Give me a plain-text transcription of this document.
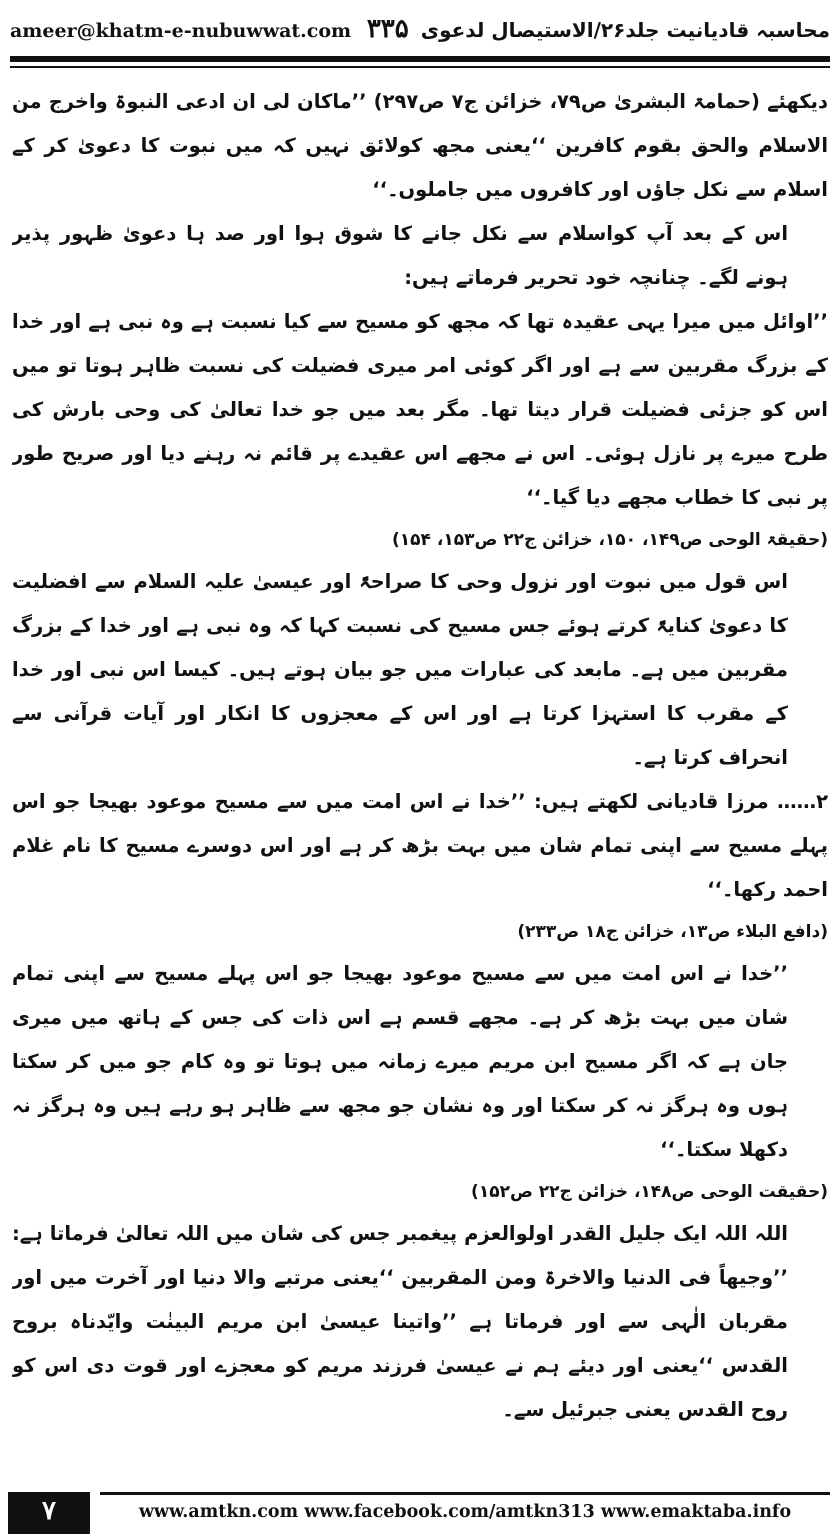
ameer@khatm-e-nubuwwat.com	محاسبہ قادیانیت جلد۲۶/الاستیصال لدعوی۳۳۵

دیکھئے (حمامۃ البشریٰ ص۷۹، خزائن ج۷ ص۲۹۷) ’’ماکان لی ان ادعی النبوۃ واخرج من الاسلام والحق بقوم کافرین ‘‘یعنی مجھ کولائق نہیں کہ میں نبوت کا دعویٰ کر کے اسلام سے نکل جاؤں اور کافروں میں جاملوں۔‘‘

اس کے بعد آپ کواسلام سے نکل جانے کا شوق ہوا اور صد ہا دعویٰ ظہور پذیر ہونے لگے۔ چنانچہ خود تحریر فرماتے ہیں:

’’اوائل میں میرا یہی عقیدہ تھا کہ مجھ کو مسیح سے کیا نسبت ہے وہ نبی ہے اور خدا کے بزرگ مقربین سے ہے اور اگر کوئی امر میری فضیلت کی نسبت ظاہر ہوتا تو میں اس کو جزئی فضیلت قرار دیتا تھا۔ مگر بعد میں جو خدا تعالیٰ کی وحی بارش کی طرح میرے پر نازل ہوئی۔ اس نے مجھے اس عقیدے پر قائم نہ رہنے دیا اور صریح طور پر نبی کا خطاب مجھے دیا گیا۔‘‘

(حقیقۃ الوحی ص۱۴۹، ۱۵۰، خزائن ج۲۲ ص۱۵۳، ۱۵۴)

اس قول میں نبوت اور نزول وحی کا صراحۃً اور عیسیٰ علیہ السلام سے افضلیت کا دعویٰ کنایۃً کرتے ہوئے جس مسیح کی نسبت کہا کہ وہ نبی ہے اور خدا کے بزرگ مقربین میں ہے۔ مابعد کی عبارات میں جو بیان ہوتے ہیں۔ کیسا اس نبی اور خدا کے مقرب کا استہزا کرتا ہے اور اس کے معجزوں کا انکار اور آیات قرآنی سے انحراف کرتا ہے۔

۲…… مرزا قادیانی لکھتے ہیں: ’’خدا نے اس امت میں سے مسیح موعود بھیجا جو اس پہلے مسیح سے اپنی تمام شان میں بہت بڑھ کر ہے اور اس دوسرے مسیح کا نام غلام احمد رکھا۔‘‘

(دافع البلاء ص۱۳، خزائن ج۱۸ ص۲۳۳)

’’خدا نے اس امت میں سے مسیح موعود بھیجا جو اس پہلے مسیح سے اپنی تمام شان میں بہت بڑھ کر ہے۔ مجھے قسم ہے اس ذات کی جس کے ہاتھ میں میری جان ہے کہ اگر مسیح ابن مریم میرے زمانہ میں ہوتا تو وہ کام جو میں کر سکتا ہوں وہ ہرگز نہ کر سکتا اور وہ نشان جو مجھ سے ظاہر ہو رہے ہیں وہ ہرگز نہ دکھلا سکتا۔‘‘

(حقیقت الوحی ص۱۴۸، خزائن ج۲۲ ص۱۵۲)

اللہ اللہ ایک جلیل القدر اولوالعزم پیغمبر جس کی شان میں اللہ تعالیٰ فرماتا ہے: ’’وجیھاً فی الدنیا والاخرۃ ومن المقربین ‘‘یعنی مرتبے والا دنیا اور آخرت میں اور مقربان الٰہی سے اور فرماتا ہے ’’واتینا عیسیٰ ابن مریم البینٰت وایّدناہ بروح القدس ‘‘یعنی اور دیئے ہم نے عیسیٰ فرزند مریم کو معجزے اور قوت دی اس کو روح القدس یعنی جبرئیل سے۔

۷	www.amtkn.com www.facebook.com/amtkn313 www.emaktaba.info
